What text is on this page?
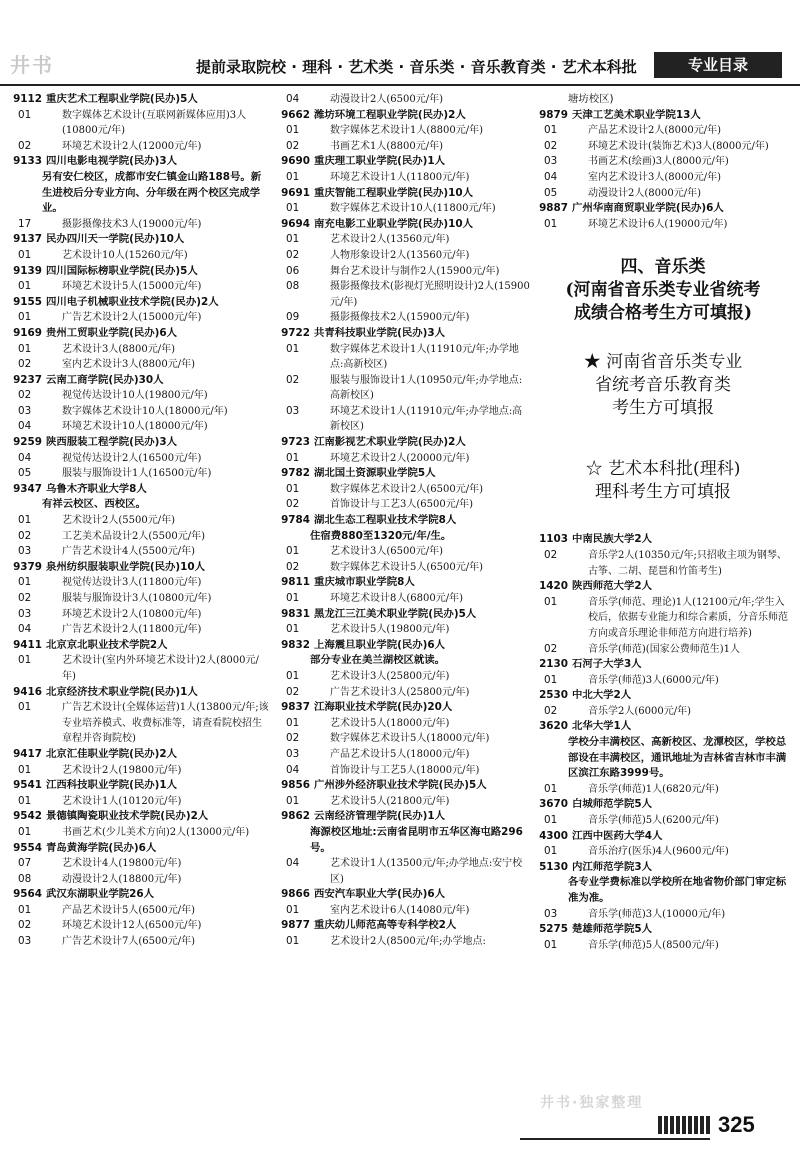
井书	提前录取院校 · 理科 · 艺术类 · 音乐类 · 音乐教育类 · 艺术本科批	专业目录
9112 重庆艺术工程职业学院(民办)5人
01	数字媒体艺术设计(互联网新媒体应用)3人(10800元/年)
02	环境艺术设计2人(12000元/年)
9133 四川电影电视学院(民办)3人
另有安仁校区，成都市安仁镇金山路188号。新生进校后分专业方向、分年级在两个校区完成学业。
17	摄影摄像技术3人(19000元/年)
9137 民办四川天一学院(民办)10人
01	艺术设计10人(15260元/年)
9139 四川国际标榜职业学院(民办)5人
01	环境艺术设计5人(15000元/年)
9155 四川电子机械职业技术学院(民办)2人
01	广告艺术设计2人(15000元/年)
9169 贵州工贸职业学院(民办)6人
01	艺术设计3人(8800元/年)
02	室内艺术设计3人(8800元/年)
9237 云南工商学院(民办)30人
02	视觉传达设计10人(19800元/年)
03	数字媒体艺术设计10人(18000元/年)
04	环境艺术设计10人(18000元/年)
9259 陕西服装工程学院(民办)3人
04	视觉传达设计2人(16500元/年)
05	服装与服饰设计1人(16500元/年)
9347 乌鲁木齐职业大学8人
有祥云校区、西校区。
01	艺术设计2人(5500元/年)
02	工艺美术品设计2人(5500元/年)
03	广告艺术设计4人(5500元/年)
9379 泉州纺织服装职业学院(民办)10人
01	视觉传达设计3人(11800元/年)
02	服装与服饰设计3人(10800元/年)
03	环境艺术设计2人(10800元/年)
04	广告艺术设计2人(11800元/年)
9411 北京京北职业技术学院2人
01	艺术设计(室内外环境艺术设计)2人(8000元/年)
9416 北京经济技术职业学院(民办)1人
01	广告艺术设计(全媒体运营)1人(13800元/年;该专业培养模式、收费标准等，请查看院校招生章程并咨询院校)
9417 北京汇佳职业学院(民办)2人
01	艺术设计2人(19800元/年)
9541 江西科技职业学院(民办)1人
01	艺术设计1人(10120元/年)
9542 景德镇陶瓷职业技术学院(民办)2人
01	书画艺术(少儿美术方向)2人(13000元/年)
9554 青岛黄海学院(民办)6人
07	艺术设计4人(19800元/年)
08	动漫设计2人(18800元/年)
9564 武汉东湖职业学院26人
01	产品艺术设计5人(6500元/年)
02	环境艺术设计12人(6500元/年)
03	广告艺术设计7人(6500元/年)
04	动漫设计2人(6500元/年)
9662 潍坊环境工程职业学院(民办)2人
01	数字媒体艺术设计1人(8800元/年)
02	书画艺术1人(8800元/年)
9690 重庆理工职业学院(民办)1人
01	环境艺术设计1人(11800元/年)
9691 重庆智能工程职业学院(民办)10人
01	数字媒体艺术设计10人(11800元/年)
9694 南充电影工业职业学院(民办)10人
01	艺术设计2人(13560元/年)
02	人物形象设计2人(13560元/年)
06	舞台艺术设计与制作2人(15900元/年)
08	摄影摄像技术(影视灯光照明设计)2人(15900元/年)
09	摄影摄像技术2人(15900元/年)
9722 共青科技职业学院(民办)3人
01	数字媒体艺术设计1人(11910元/年;办学地点:高新校区)
02	服装与服饰设计1人(10950元/年;办学地点:高新校区)
03	环境艺术设计1人(11910元/年;办学地点:高新校区)
9723 江南影视艺术职业学院(民办)2人
01	环境艺术设计2人(20000元/年)
9782 湖北国土资源职业学院5人
01	数字媒体艺术设计2人(6500元/年)
02	首饰设计与工艺3人(6500元/年)
9784 湖北生态工程职业技术学院8人
住宿费880至1320元/年/生。
01	艺术设计3人(6500元/年)
02	数字媒体艺术设计5人(6500元/年)
9811 重庆城市职业学院8人
01	环境艺术设计8人(6800元/年)
9831 黑龙江三江美术职业学院(民办)5人
01	艺术设计5人(19800元/年)
9832 上海震旦职业学院(民办)6人
部分专业在美兰湖校区就读。
01	艺术设计3人(25800元/年)
02	广告艺术设计3人(25800元/年)
9837 江海职业技术学院(民办)20人
01	艺术设计5人(18000元/年)
02	数字媒体艺术设计5人(18000元/年)
03	产品艺术设计5人(18000元/年)
04	首饰设计与工艺5人(18000元/年)
9856 广州涉外经济职业技术学院(民办)5人
01	艺术设计5人(21800元/年)
9862 云南经济管理学院(民办)1人
海源校区地址:云南省昆明市五华区海屯路296号。
04	艺术设计1人(13500元/年;办学地点:安宁校区)
9866 西安汽车职业大学(民办)6人
01	室内艺术设计6人(14080元/年)
9877 重庆幼儿师范高等专科学校2人
01	艺术设计2人(8500元/年;办学地点:
塘坊校区)
9879 天津工艺美术职业学院13人
01	产品艺术设计2人(8000元/年)
02	环境艺术设计(装饰艺术)3人(8000元/年)
03	书画艺术(绘画)3人(8000元/年)
04	室内艺术设计3人(8000元/年)
05	动漫设计2人(8000元/年)
9887 广州华南商贸职业学院(民办)6人
01	环境艺术设计6人(19000元/年)
四、音乐类
(河南省音乐类专业省统考
成绩合格考生方可填报)
★ 河南省音乐类专业
省统考音乐教育类
考生方可填报
☆ 艺术本科批(理科)
理科考生方可填报
1103 中南民族大学2人
02	音乐学2人(10350元/年;只招收主项为钢琴、古筝、二胡、琵琶和竹笛考生)
1420 陕西师范大学2人
01	音乐学(师范、理论)1人(12100元/年;学生入校后，依据专业能力和综合素质，分音乐师范方向或音乐理论非师范方向进行培养)
02	音乐学(师范)(国家公费师范生)1人
2130 石河子大学3人
01	音乐学(师范)3人(6000元/年)
2530 中北大学2人
02	音乐学2人(6000元/年)
3620 北华大学1人
学校分丰满校区、高新校区、龙潭校区，学校总部设在丰满校区，通讯地址为吉林省吉林市丰满区滨江东路3999号。
01	音乐学(师范)1人(6820元/年)
3670 白城师范学院5人
01	音乐学(师范)5人(6200元/年)
4300 江西中医药大学4人
01	音乐治疗(医乐)4人(9600元/年)
5130 内江师范学院3人
各专业学费标准以学校所在地省物价部门审定标准为准。
03	音乐学(师范)3人(10000元/年)
5275 楚雄师范学院5人
01	音乐学(师范)5人(8500元/年)
井书·独家整理
325
